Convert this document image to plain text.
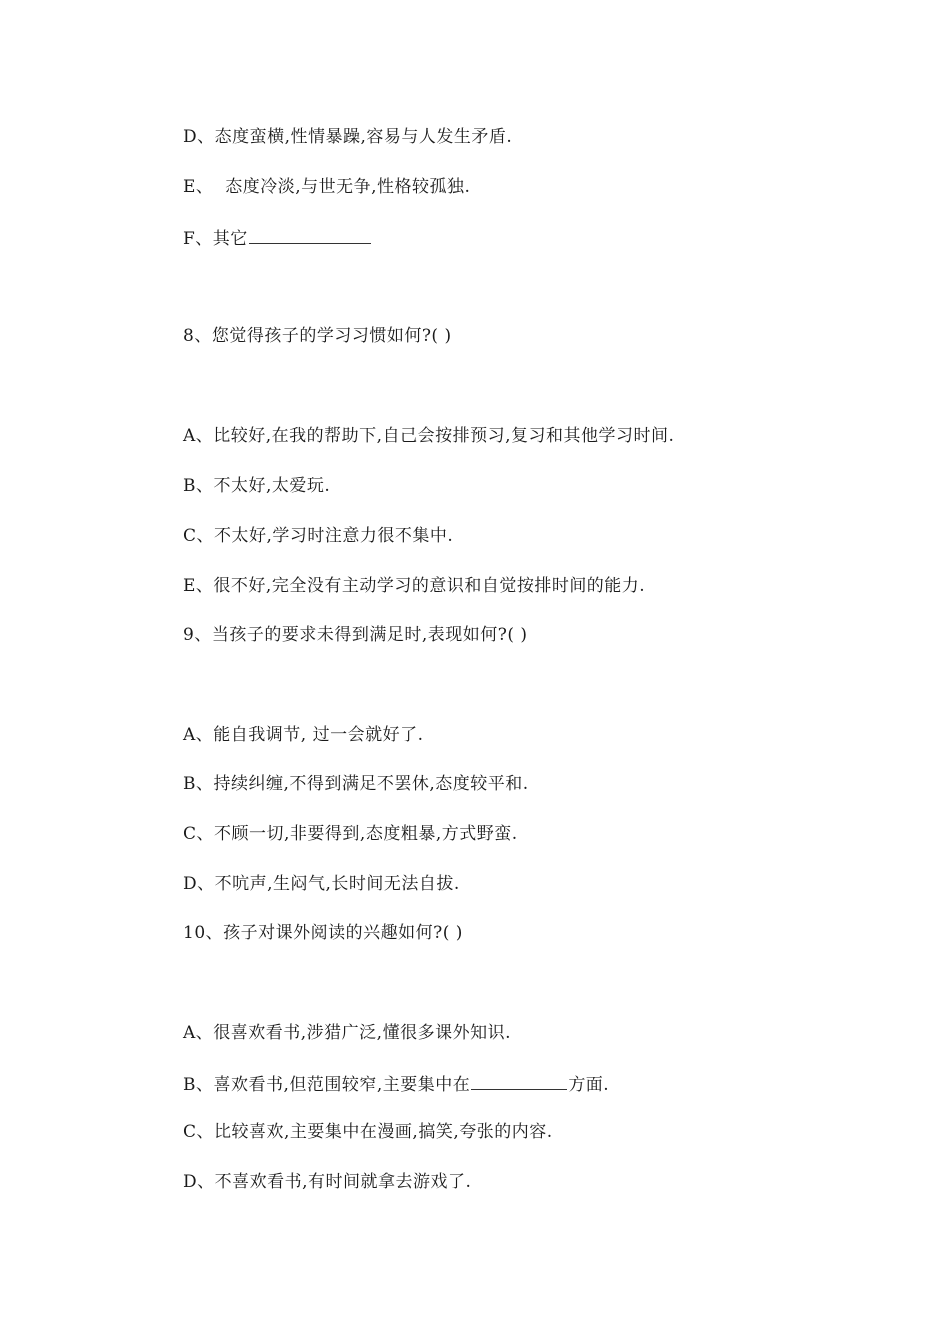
D、态度蛮横,性情暴躁,容易与人发生矛盾.
E、  态度冷淡,与世无争,性格较孤独.
F、其它
8、您觉得孩子的学习习惯如何?( )
A、比较好,在我的帮助下,自己会按排预习,复习和其他学习时间.
B、不太好,太爱玩.
C、不太好,学习时注意力很不集中.
E、很不好,完全没有主动学习的意识和自觉按排时间的能力.
9、当孩子的要求未得到满足时,表现如何?( )
A、能自我调节, 过一会就好了.
B、持续纠缠,不得到满足不罢休,态度较平和.
C、不顾一切,非要得到,态度粗暴,方式野蛮.
D、不吭声,生闷气,长时间无法自拔.
10、孩子对课外阅读的兴趣如何?( )
A、很喜欢看书,涉猎广泛,懂很多课外知识.
B、喜欢看书,但范围较窄,主要集中在	方面.
C、比较喜欢,主要集中在漫画,搞笑,夸张的内容.
D、不喜欢看书,有时间就拿去游戏了.
